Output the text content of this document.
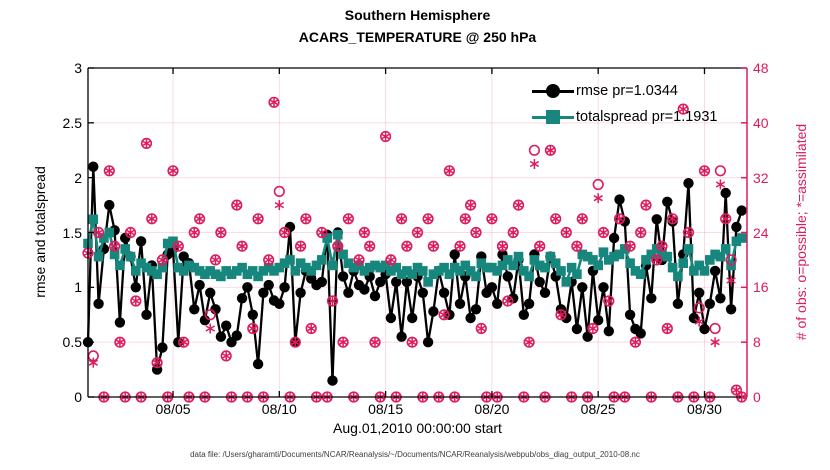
Southern Hemisphere
ACARS_TEMPERATURE @ 250 hPa
rmse and totalspread	# of obs: o=possible; *=assimilated
Aug.01,2010 00:00:00 start
data file: /Users/gharamti/Documents/NCAR/Reanalysis/~/Documents/NCAR/Reanalysis/webpub/obs_diag_output_2010-08.nc
rmse pr=1.0344
totalspread pr=1.1931
0
0.5
1
1.5
2
2.5
3
0
8
16
24
32
40
48
08/05	08/10	08/15	08/20	08/25	08/30
